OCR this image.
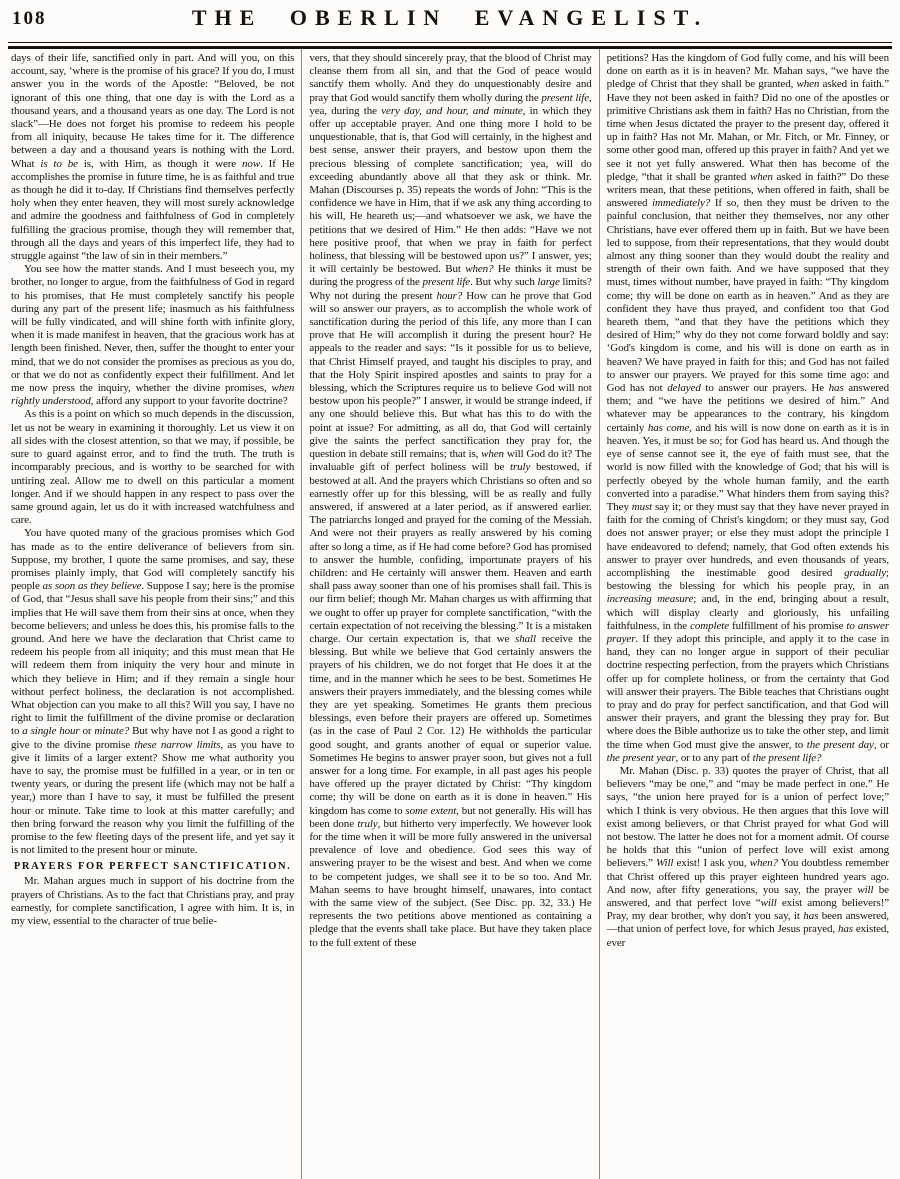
108	THE OBERLIN EVANGELIST.

days of their life, sanctified only in part. And will you, on this account, say, ‘where is the promise of his grace? If you do, I must answer you in the words of the Apostle: “Beloved, be not ignorant of this one thing, that one day is with the Lord as a thousand years, and a thousand years as one day. The Lord is not slack”—He does not forget his promise to redeem his people from all iniquity, because He takes time for it. The difference between a day and a thousand years is nothing with the Lord. What is to be is, with Him, as though it were now. If He accomplishes the promise in future time, he is as faithful and true as though he did it to-day. If Christians find themselves perfectly holy when they enter heaven, they will most surely acknowledge and admire the goodness and faithfulness of God in completely fulfilling the gracious promise, though they will remember that, through all the days and years of this imperfect life, they had to struggle against “the law of sin in their members.”

You see how the matter stands. And I must beseech you, my brother, no longer to argue, from the faithfulness of God in regard to his promises, that He must completely sanctify his people during any part of the present life; inasmuch as his faithfulness will be fully vindicated, and will shine forth with infinite glory, when it is made manifest in heaven, that the gracious work has at length been finished. Never, then, suffer the thought to enter your mind, that we do not consider the promises as precious as you do, or that we do not as confidently expect their fulfillment. And let me now press the inquiry, whether the divine promises, when rightly understood, afford any support to your favorite doctrine?

As this is a point on which so much depends in the discussion, let us not be weary in examining it thoroughly. Let us view it on all sides with the closest attention, so that we may, if possible, be sure to guard against error, and to find the truth. The truth is incomparably precious, and is worthy to be searched for with untiring zeal. Allow me to dwell on this particular a moment longer. And if we should happen in any respect to pass over the same ground again, let us do it with increased watchfulness and care.

You have quoted many of the gracious promises which God has made as to the entire deliverance of believers from sin. Suppose, my brother, I quote the same promises, and say, these promises plainly imply, that God will completely sanctify his people as soon as they believe. Suppose I say; here is the promise of God, that “Jesus shall save his people from their sins;” and this implies that He will save them from their sins at once, when they become believers; and unless he does this, his promise falls to the ground. And here we have the declaration that Christ came to redeem his people from all iniquity; and this must mean that He will redeem them from iniquity the very hour and minute in which they believe in Him; and if they remain a single hour without perfect holiness, the declaration is not accomplished. What objection can you make to all this? Will you say, I have no right to limit the fulfillment of the divine promise or declaration to a single hour or minute? But why have not I as good a right to give to the divine promise these narrow limits, as you have to give it limits of a larger extent? Show me what authority you have to say, the promise must be fulfilled in a year, or in ten or twenty years, or during the present life (which may not be half a year,) more than I have to say, it must be fulfilled the present hour or minute. Take time to look at this matter carefully; and then bring forward the reason why you limit the fulfilling of the promise to the few fleeting days of the present life, and yet say it is not limited to the present hour or minute.

PRAYERS FOR PERFECT SANCTIFICATION.

Mr. Mahan argues much in support of his doctrine from the prayers of Christians. As to the fact that Christians pray, and pray earnestly, for complete sanctification, I agree with him. It is, in my view, essential to the character of true belie-

vers, that they should sincerely pray, that the blood of Christ may cleanse them from all sin, and that the God of peace would sanctify them wholly. And they do unquestionably desire and pray that God would sanctify them wholly during the present life, yea, during the very day, and hour, and minute, in which they offer up acceptable prayer. And one thing more I hold to be unquestionable, that is, that God will certainly, in the highest and best sense, answer their prayers, and bestow upon them the precious blessing of complete sanctification; yea, will do exceeding abundantly above all that they ask or think. Mr. Mahan (Discourses p. 35) repeats the words of John: “This is the confidence we have in Him, that if we ask any thing according to his will, He heareth us;—and whatsoever we ask, we have the petitions that we desired of Him.” He then adds: “Have we not here positive proof, that when we pray in faith for perfect holiness, that blessing will be bestowed upon us?” I answer, yes; it will certainly be bestowed. But when? He thinks it must be during the progress of the present life. But why such large limits? Why not during the present hour? How can he prove that God will so answer our prayers, as to accomplish the whole work of sanctification during the period of this life, any more than I can prove that He will accomplish it during the present hour? He appeals to the reader and says: “Is it possible for us to believe, that Christ Himself prayed, and taught his disciples to pray, and that the Holy Spirit inspired apostles and saints to pray for a blessing, which the Scriptures require us to believe God will not bestow upon his people?” I answer, it would be strange indeed, if any one should believe this. But what has this to do with the point at issue? For admitting, as all do, that God will certainly give the saints the perfect sanctification they pray for, the question in debate still remains; that is, when will God do it? The invaluable gift of perfect holiness will be truly bestowed, if bestowed at all. And the prayers which Christians so often and so earnestly offer up for this blessing, will be as really and fully answered, if answered at a later period, as if answered earlier. The patriarchs longed and prayed for the coming of the Messiah. And were not their prayers as really answered by his coming after so long a time, as if He had come before? God has promised to answer the humble, confiding, importunate prayers of his children: and He certainly will answer them. Heaven and earth shall pass away sooner than one of his promises shall fail. This is our firm belief; though Mr. Mahan charges us with affirming that we ought to offer up prayer for complete sanctification, “with the certain expectation of not receiving the blessing.” It is a mistaken charge. Our certain expectation is, that we shall receive the blessing. But while we believe that God certainly answers the prayers of his children, we do not forget that He does it at the time, and in the manner which he sees to be best. Sometimes He answers their prayers immediately, and the blessing comes while they are yet speaking. Sometimes He grants them precious blessings, even before their prayers are offered up. Sometimes (as in the case of Paul 2 Cor. 12) He withholds the particular good sought, and grants another of equal or superior value. Sometimes He begins to answer prayer soon, but gives not a full answer for a long time. For example, in all past ages his people have offered up the prayer dictated by Christ: “Thy kingdom come; thy will be done on earth as it is done in heaven.” His kingdom has come to some extent, but not generally. His will has been done truly, but hitherto very imperfectly. We however look for the time when it will be more fully answered in the universal prevalence of love and obedience. God sees this way of answering prayer to be the wisest and best. And when we come to be competent judges, we shall see it to be so too. And Mr. Mahan seems to have brought himself, unawares, into contact with the same view of the subject. (See Disc. pp. 32, 33.) He represents the two petitions above mentioned as containing a pledge that the events shall take place. But have they taken place to the full extent of these

petitions? Has the kingdom of God fully come, and his will been done on earth as it is in heaven? Mr. Mahan says, “we have the pledge of Christ that they shall be granted, when asked in faith.” Have they not been asked in faith? Did no one of the apostles or primitive Christians ask them in faith? Has no Christian, from the time when Jesus dictated the prayer to the present day, offered it up in faith? Has not Mr. Mahan, or Mr. Fitch, or Mr. Finney, or some other good man, offered up this prayer in faith? And yet we see it not yet fully answered. What then has become of the pledge, “that it shall be granted when asked in faith?” Do these writers mean, that these petitions, when offered in faith, shall be answered immediately? If so, then they must be driven to the painful conclusion, that neither they themselves, nor any other Christians, have ever offered them up in faith. But we have been led to suppose, from their representations, that they would doubt almost any thing sooner than they would doubt the reality and strength of their own faith. And we have supposed that they must, times without number, have prayed in faith: “Thy kingdom come; thy will be done on earth as in heaven.” And as they are confident they have thus prayed, and confident too that God heareth them, “and that they have the petitions which they desired of Him;” why do they not come forward boldly and say: ‘God's kingdom is come, and his will is done on earth as in heaven? We have prayed in faith for this; and God has not failed to answer our prayers. We prayed for this some time ago: and God has not delayed to answer our prayers. He has answered them; and “we have the petitions we desired of him.” And whatever may be appearances to the contrary, his kingdom certainly has come, and his will is now done on earth as it is in heaven. Yes, it must be so; for God has heard us. And though the eye of sense cannot see it, the eye of faith must see, that the world is now filled with the knowledge of God; that his will is perfectly obeyed by the whole human family, and the earth converted into a paradise.” What hinders them from saying this? They must say it; or they must say that they have never prayed in faith for the coming of Christ's kingdom; or they must say, God does not answer prayer; or else they must adopt the principle I have endeavored to defend; namely, that God often extends his answer to prayer over hundreds, and even thousands of years, accomplishing the inestimable good desired gradually; bestowing the blessing for which his people pray, in an increasing measure; and, in the end, bringing about a result, which will display clearly and gloriously, his unfailing faithfulness, in the complete fulfillment of his promise to answer prayer. If they adopt this principle, and apply it to the case in hand, they can no longer argue in support of their peculiar doctrine respecting perfection, from the prayers which Christians offer up for complete holiness, or from the certainty that God will answer their prayers. The Bible teaches that Christians ought to pray and do pray for perfect sanctification, and that God will answer their prayers, and grant the blessing they pray for. But where does the Bible authorize us to take the other step, and limit the time when God must give the answer, to the present day, or the present year, or to any part of the present life?

Mr. Mahan (Disc. p. 33) quotes the prayer of Christ, that all believers “may be one,” and “may be made perfect in one.” He says, “the union here prayed for is a union of perfect love;” which I think is very obvious. He then argues that this love will exist among believers, or that Christ prayed for what God will not bestow. The latter he does not for a moment admit. Of course he holds that this “union of perfect love will exist among believers.” Will exist! I ask you, when? You doubtless remember that Christ offered up this prayer eighteen hundred years ago. And now, after fifty generations, you say, the prayer will be answered, and that perfect love “will exist among believers!” Pray, my dear brother, why don't you say, it has been answered,—that union of perfect love, for which Jesus prayed, has existed, ever
